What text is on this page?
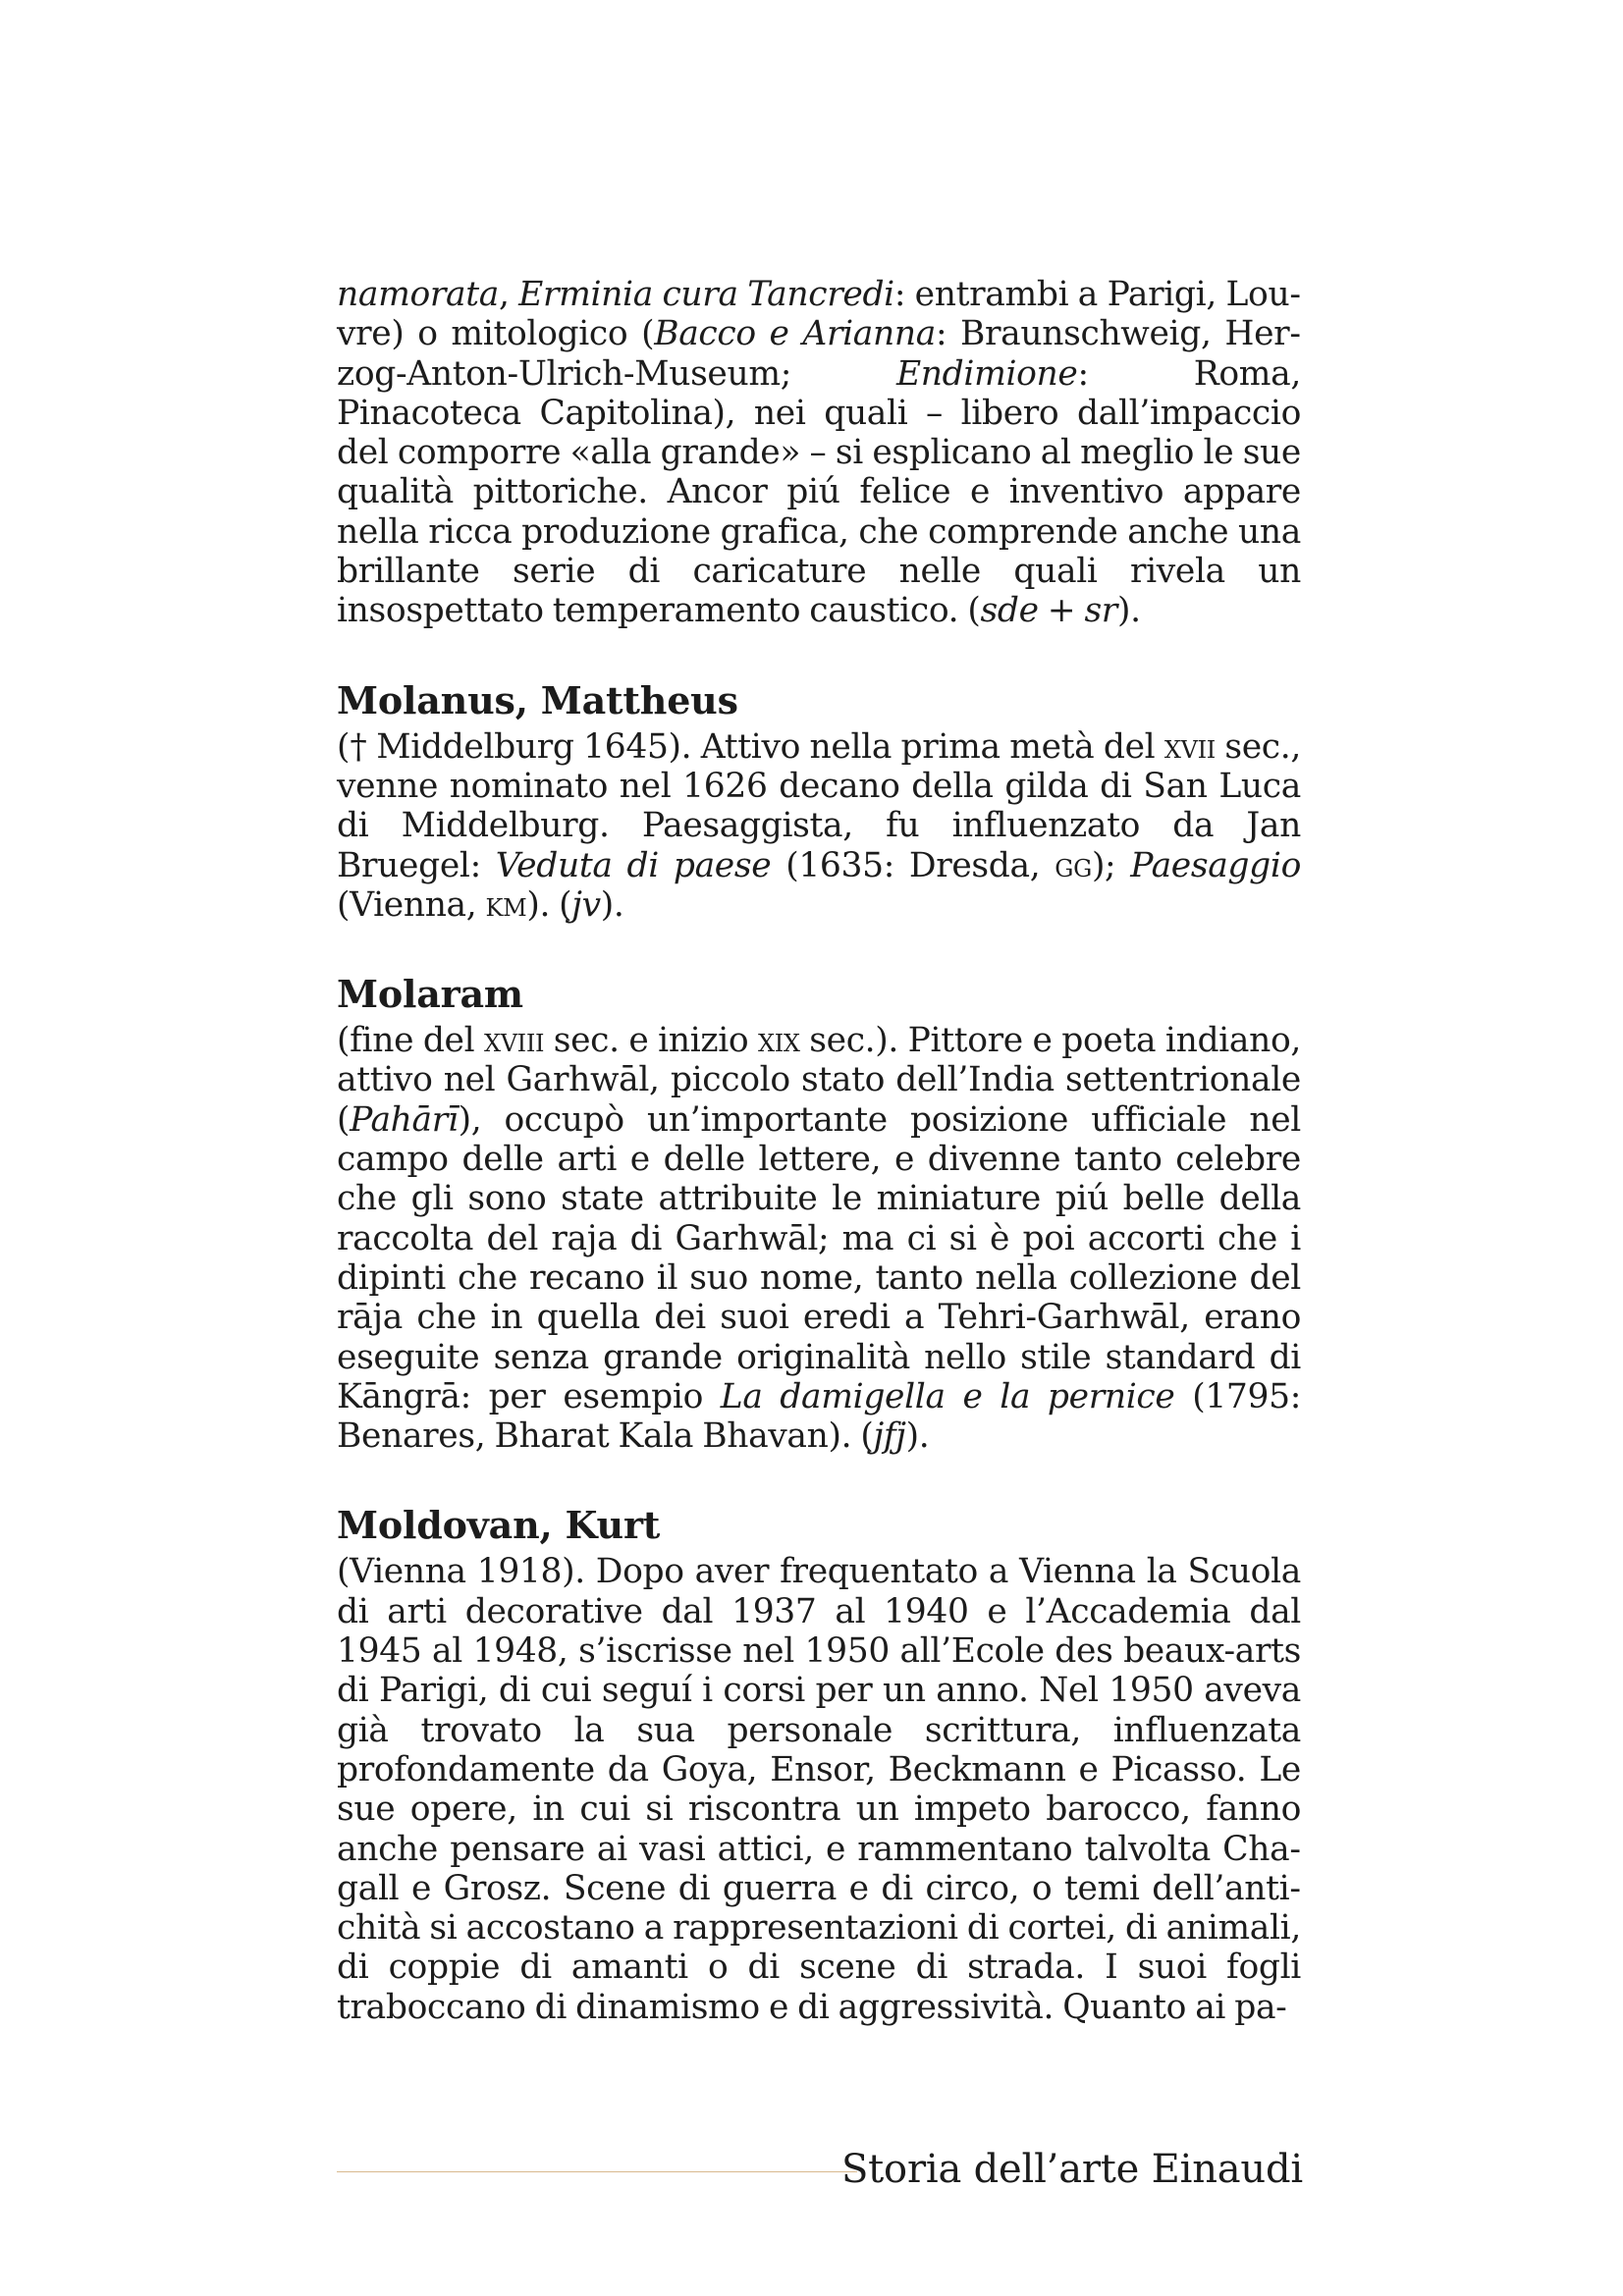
namorata, Erminia cura Tancredi: entrambi a Parigi, Louvre) o mitologico (Bacco e Arianna: Braunschweig, Herzog-Anton-Ulrich-Museum; Endimione: Roma, Pinacoteca Capitolina), nei quali – libero dall’impaccio del comporre «alla grande» – si esplicano al meglio le sue qualità pittoriche. Ancor piú felice e inventivo appare nella ricca produzione grafica, che comprende anche una brillante serie di caricature nelle quali rivela un insospettato temperamento caustico. (sde + sr).

Molanus, Mattheus

(† Middelburg 1645). Attivo nella prima metà del xvii sec., venne nominato nel 1626 decano della gilda di San Luca di Middelburg. Paesaggista, fu influenzato da Jan Bruegel: Veduta di paese (1635: Dresda, gg); Paesaggio (Vienna, km). (jv).

Molaram

(fine del xviii sec. e inizio xix sec.). Pittore e poeta indiano, attivo nel Garhwāl, piccolo stato dell’India settentrionale (Pahārī), occupò un’importante posizione ufficiale nel campo delle arti e delle lettere, e divenne tanto celebre che gli sono state attribuite le miniature piú belle della raccolta del raja di Garhwāl; ma ci si è poi accorti che i dipinti che recano il suo nome, tanto nella collezione del rāja che in quella dei suoi eredi a Tehri-Garhwāl, erano eseguite senza grande originalità nello stile standard di Kāngrā: per esempio La damigella e la pernice (1795: Benares, Bharat Kala Bhavan). (jfj).

Moldovan, Kurt

(Vienna 1918). Dopo aver frequentato a Vienna la Scuola di arti decorative dal 1937 al 1940 e l’Accademia dal 1945 al 1948, s’iscrisse nel 1950 all’Ecole des beaux-arts di Parigi, di cui seguí i corsi per un anno. Nel 1950 aveva già trovato la sua personale scrittura, influenzata profondamente da Goya, Ensor, Beckmann e Picasso. Le sue opere, in cui si riscontra un impeto barocco, fanno anche pensare ai vasi attici, e rammentano talvolta Chagall e Grosz. Scene di guerra e di circo, o temi dell’antichità si accostano a rappresentazioni di cortei, di animali, di coppie di amanti o di scene di strada. I suoi fogli traboccano di dinamismo e di aggressività. Quanto ai pa-

Storia dell’arte Einaudi
